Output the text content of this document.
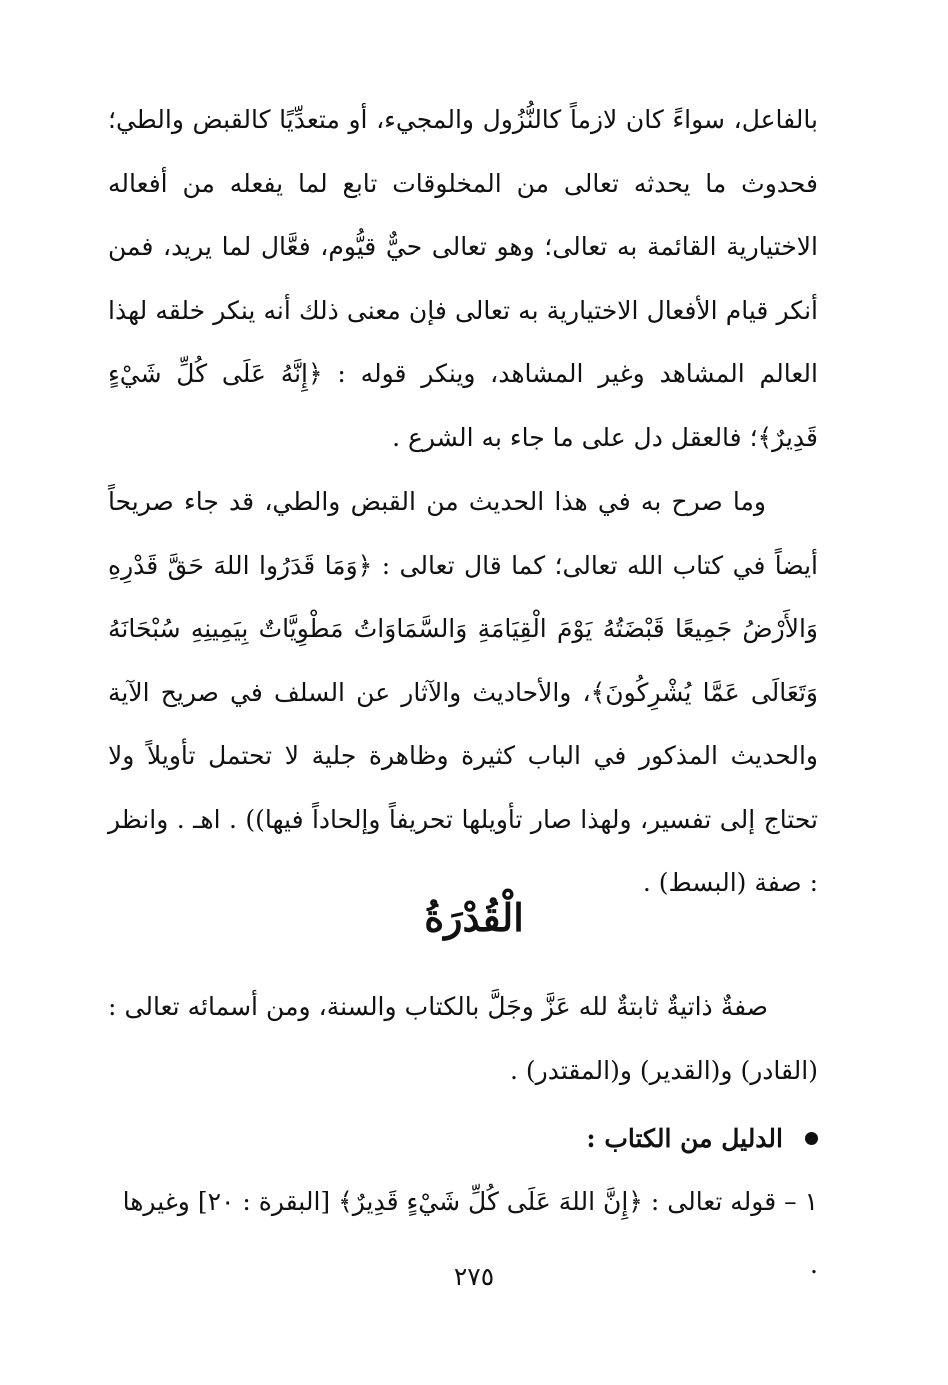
بالفاعل، سواءً كان لازماً كالنُّزُول والمجيء، أو متعدِّيًا كالقبض والطي؛ فحدوث ما يحدثه تعالى من المخلوقات تابع لما يفعله من أفعاله الاختيارية القائمة به تعالى؛ وهو تعالى حيٌّ قيُّوم، فعَّال لما يريد، فمن أنكر قيام الأفعال الاختيارية به تعالى فإن معنى ذلك أنه ينكر خلقه لهذا العالم المشاهد وغير المشاهد، وينكر قوله : ﴿إِنَّهُ عَلَى كُلِّ شَيْءٍ قَدِيرٌ﴾؛ فالعقل دل على ما جاء به الشرع .

وما صرح به في هذا الحديث من القبض والطي، قد جاء صريحاً أيضاً في كتاب الله تعالى؛ كما قال تعالى : ﴿وَمَا قَدَرُوا اللهَ حَقَّ قَدْرِهِ وَالأَرْضُ جَمِيعًا قَبْضَتُهُ يَوْمَ الْقِيَامَةِ وَالسَّمَاوَاتُ مَطْوِيَّاتٌ بِيَمِينِهِ سُبْحَانَهُ وَتَعَالَى عَمَّا يُشْرِكُونَ﴾، والأحاديث والآثار عن السلف في صريح الآية والحديث المذكور في الباب كثيرة وظاهرة جلية لا تحتمل تأويلاً ولا تحتاج إلى تفسير، ولهذا صار تأويلها تحريفاً وإلحاداً فيها)) . اهـ . وانظر : صفة (البسط) .

الْقُدْرَةُ

صفةٌ ذاتيةٌ ثابتةٌ لله عَزَّ وجَلَّ بالكتاب والسنة، ومن أسمائه تعالى : (القادر) و(القدير) و(المقتدر) .

الدليل من الكتاب :

١ – قوله تعالى : ﴿إِنَّ اللهَ عَلَى كُلِّ شَيْءٍ قَدِيرٌ﴾ [البقرة : ٢٠] وغيرها .

٢٧٥
